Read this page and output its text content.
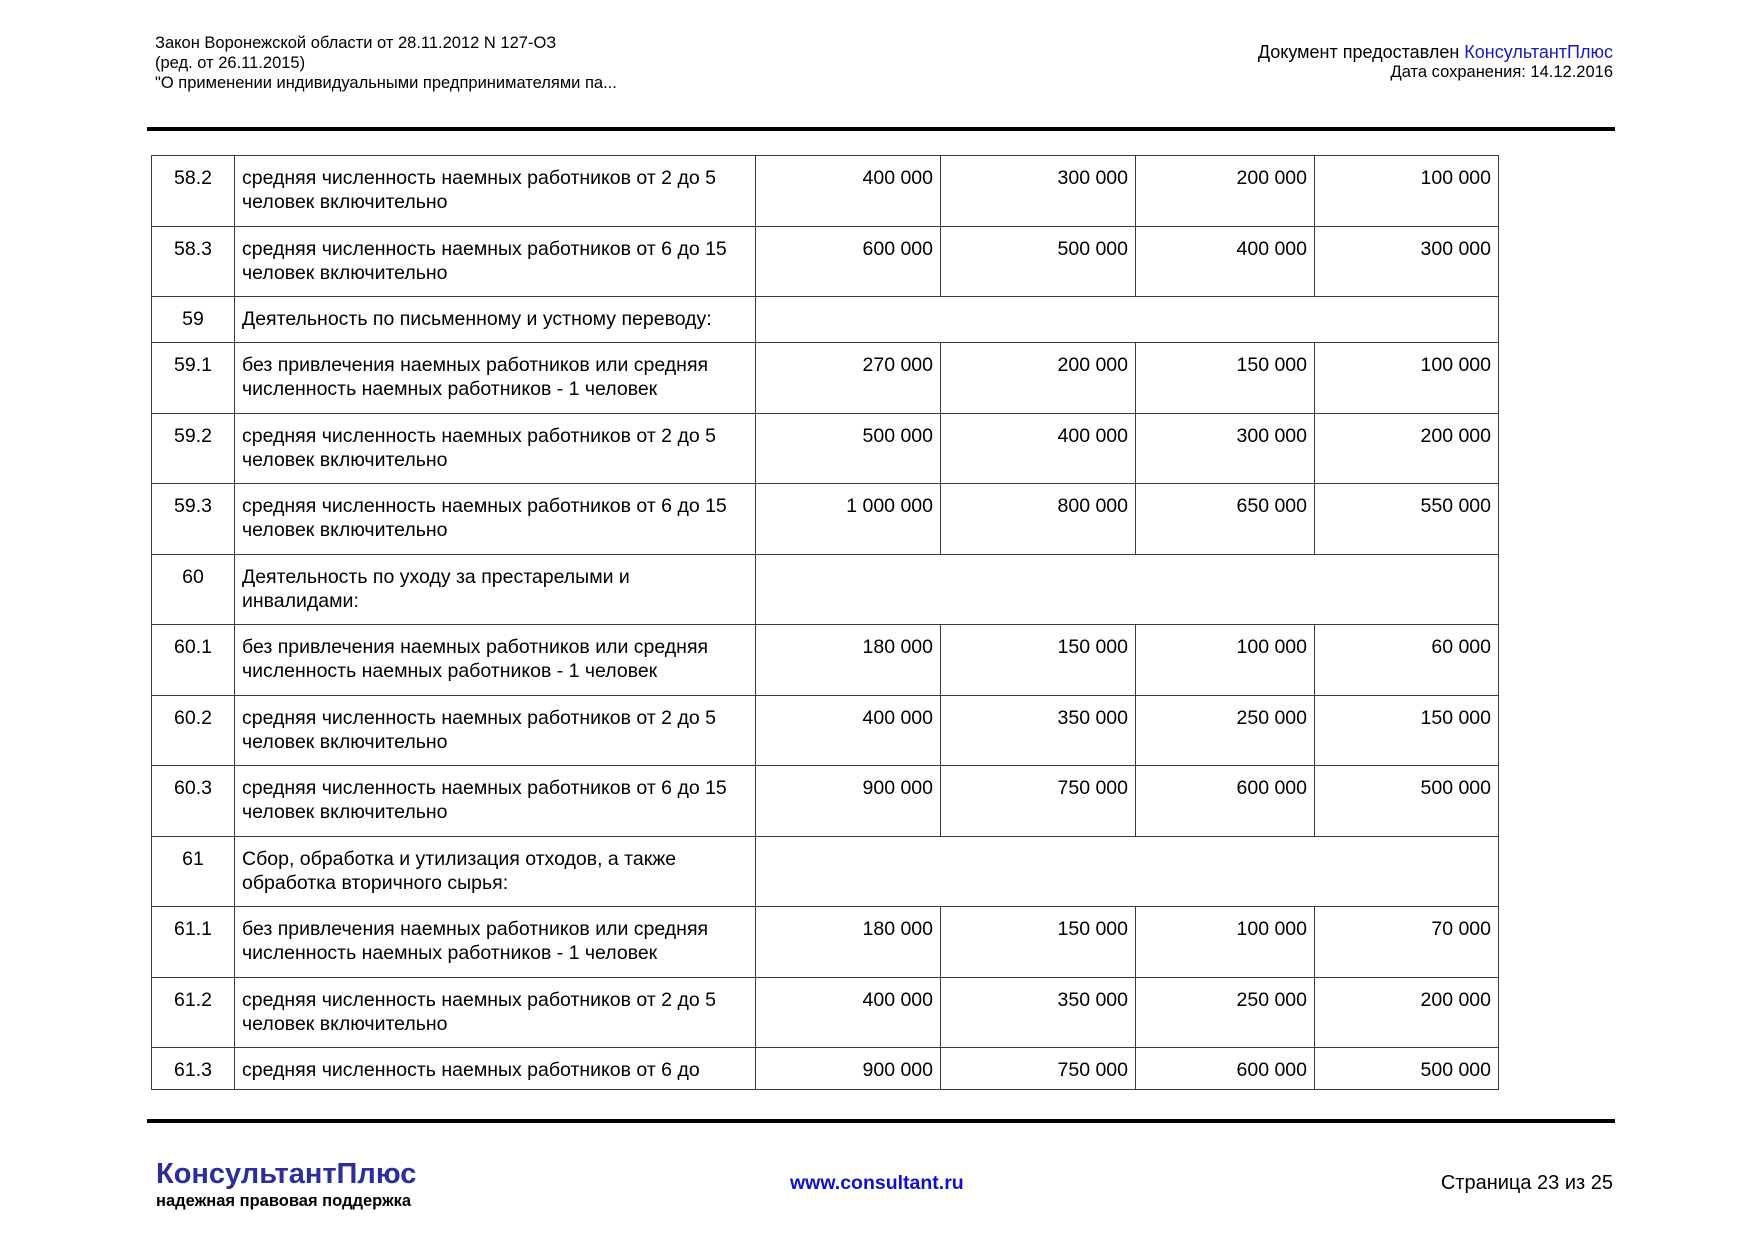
Закон Воронежской области от 28.11.2012 N 127-ОЗ
(ред. от 26.11.2015)
"О применении индивидуальными предпринимателями па...
Документ предоставлен КонсультантПлюс
Дата сохранения: 14.12.2016
58.2	средняя численность наемных работников от 2 до 5 человек включительно	400 000	300 000	200 000	100 000
58.3	средняя численность наемных работников от 6 до 15 человек включительно	600 000	500 000	400 000	300 000
59	Деятельность по письменному и устному переводу:				
59.1	без привлечения наемных работников или средняя численность наемных работников - 1 человек	270 000	200 000	150 000	100 000
59.2	средняя численность наемных работников от 2 до 5 человек включительно	500 000	400 000	300 000	200 000
59.3	средняя численность наемных работников от 6 до 15 человек включительно	1 000 000	800 000	650 000	550 000
60	Деятельность по уходу за престарелыми и инвалидами:				
60.1	без привлечения наемных работников или средняя численность наемных работников - 1 человек	180 000	150 000	100 000	60 000
60.2	средняя численность наемных работников от 2 до 5 человек включительно	400 000	350 000	250 000	150 000
60.3	средняя численность наемных работников от 6 до 15 человек включительно	900 000	750 000	600 000	500 000
61	Сбор, обработка и утилизация отходов, а также обработка вторичного сырья:				
61.1	без привлечения наемных работников или средняя численность наемных работников - 1 человек	180 000	150 000	100 000	70 000
61.2	средняя численность наемных работников от 2 до 5 человек включительно	400 000	350 000	250 000	200 000
61.3	средняя численность наемных работников от 6 до	900 000	750 000	600 000	500 000
КонсультантПлюс
надежная правовая поддержка
www.consultant.ru	Страница 23 из 25
